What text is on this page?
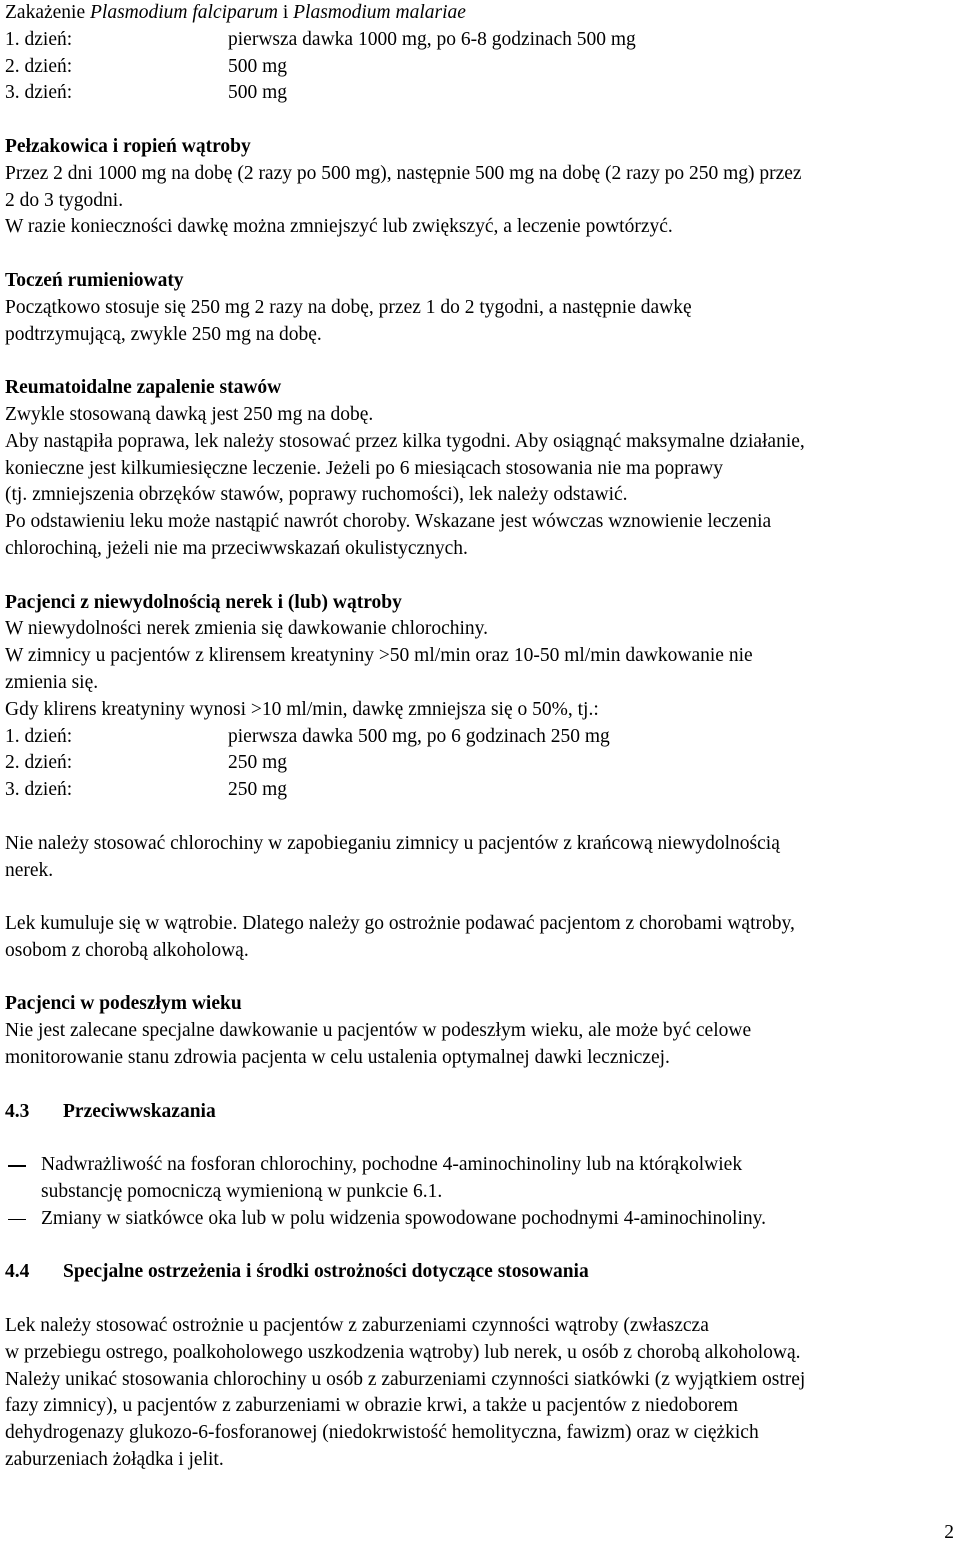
Zakażenie Plasmodium falciparum i Plasmodium malariae
1. dzień:	pierwsza dawka 1000 mg, po 6-8 godzinach 500 mg
2. dzień:	500 mg
3. dzień:	500 mg
Pełzakowica i ropień wątroby
Przez 2 dni 1000 mg na dobę (2 razy po 500 mg), następnie 500 mg na dobę (2 razy po 250 mg) przez
2 do 3 tygodni.
W razie konieczności dawkę można zmniejszyć lub zwiększyć, a leczenie powtórzyć.
Toczeń rumieniowaty
Początkowo stosuje się 250 mg 2 razy na dobę, przez 1 do 2 tygodni, a następnie dawkę
podtrzymującą, zwykle 250 mg na dobę.
Reumatoidalne zapalenie stawów
Zwykle stosowaną dawką jest 250 mg na dobę.
Aby nastąpiła poprawa, lek należy stosować przez kilka tygodni. Aby osiągnąć maksymalne działanie,
konieczne jest kilkumiesięczne leczenie. Jeżeli po 6 miesiącach stosowania nie ma poprawy
(tj. zmniejszenia obrzęków stawów, poprawy ruchomości), lek należy odstawić.
Po odstawieniu leku może nastąpić nawrót choroby. Wskazane jest wówczas wznowienie leczenia
chlorochiną, jeżeli nie ma przeciwwskazań okulistycznych.
Pacjenci z niewydolnością nerek i (lub) wątroby
W niewydolności nerek zmienia się dawkowanie chlorochiny.
W zimnicy u pacjentów z klirensem kreatyniny >50 ml/min oraz 10-50 ml/min dawkowanie nie
zmienia się.
Gdy klirens kreatyniny wynosi >10 ml/min, dawkę zmniejsza się o 50%, tj.:
1. dzień:	pierwsza dawka 500 mg, po 6 godzinach 250 mg
2. dzień:	250 mg
3. dzień:	250 mg
Nie należy stosować chlorochiny w zapobieganiu zimnicy u pacjentów z krańcową niewydolnością
nerek.
Lek kumuluje się w wątrobie. Dlatego należy go ostrożnie podawać pacjentom z chorobami wątroby,
osobom z chorobą alkoholową.
Pacjenci w podeszłym wieku
Nie jest zalecane specjalne dawkowanie u pacjentów w podeszłym wieku, ale może być celowe
monitorowanie stanu zdrowia pacjenta w celu ustalenia optymalnej dawki leczniczej.
4.3	Przeciwwskazania
Nadwrażliwość na fosforan chlorochiny, pochodne 4-aminochinoliny lub na którąkolwiek
substancję pomocniczą wymienioną w punkcie 6.1.
Zmiany w siatkówce oka lub w polu widzenia spowodowane pochodnymi 4-aminochinoliny.
4.4	Specjalne ostrzeżenia i środki ostrożności dotyczące stosowania
Lek należy stosować ostrożnie u pacjentów z zaburzeniami czynności wątroby (zwłaszcza
w przebiegu ostrego, poalkoholowego uszkodzenia wątroby) lub nerek, u osób z chorobą alkoholową.
Należy unikać stosowania chlorochiny u osób z zaburzeniami czynności siatkówki (z wyjątkiem ostrej
fazy zimnicy), u pacjentów z zaburzeniami w obrazie krwi, a także u pacjentów z niedoborem
dehydrogenazy glukozo-6-fosforanowej (niedokrwistość hemolityczna, fawizm) oraz w ciężkich
zaburzeniach żołądka i jelit.
2
